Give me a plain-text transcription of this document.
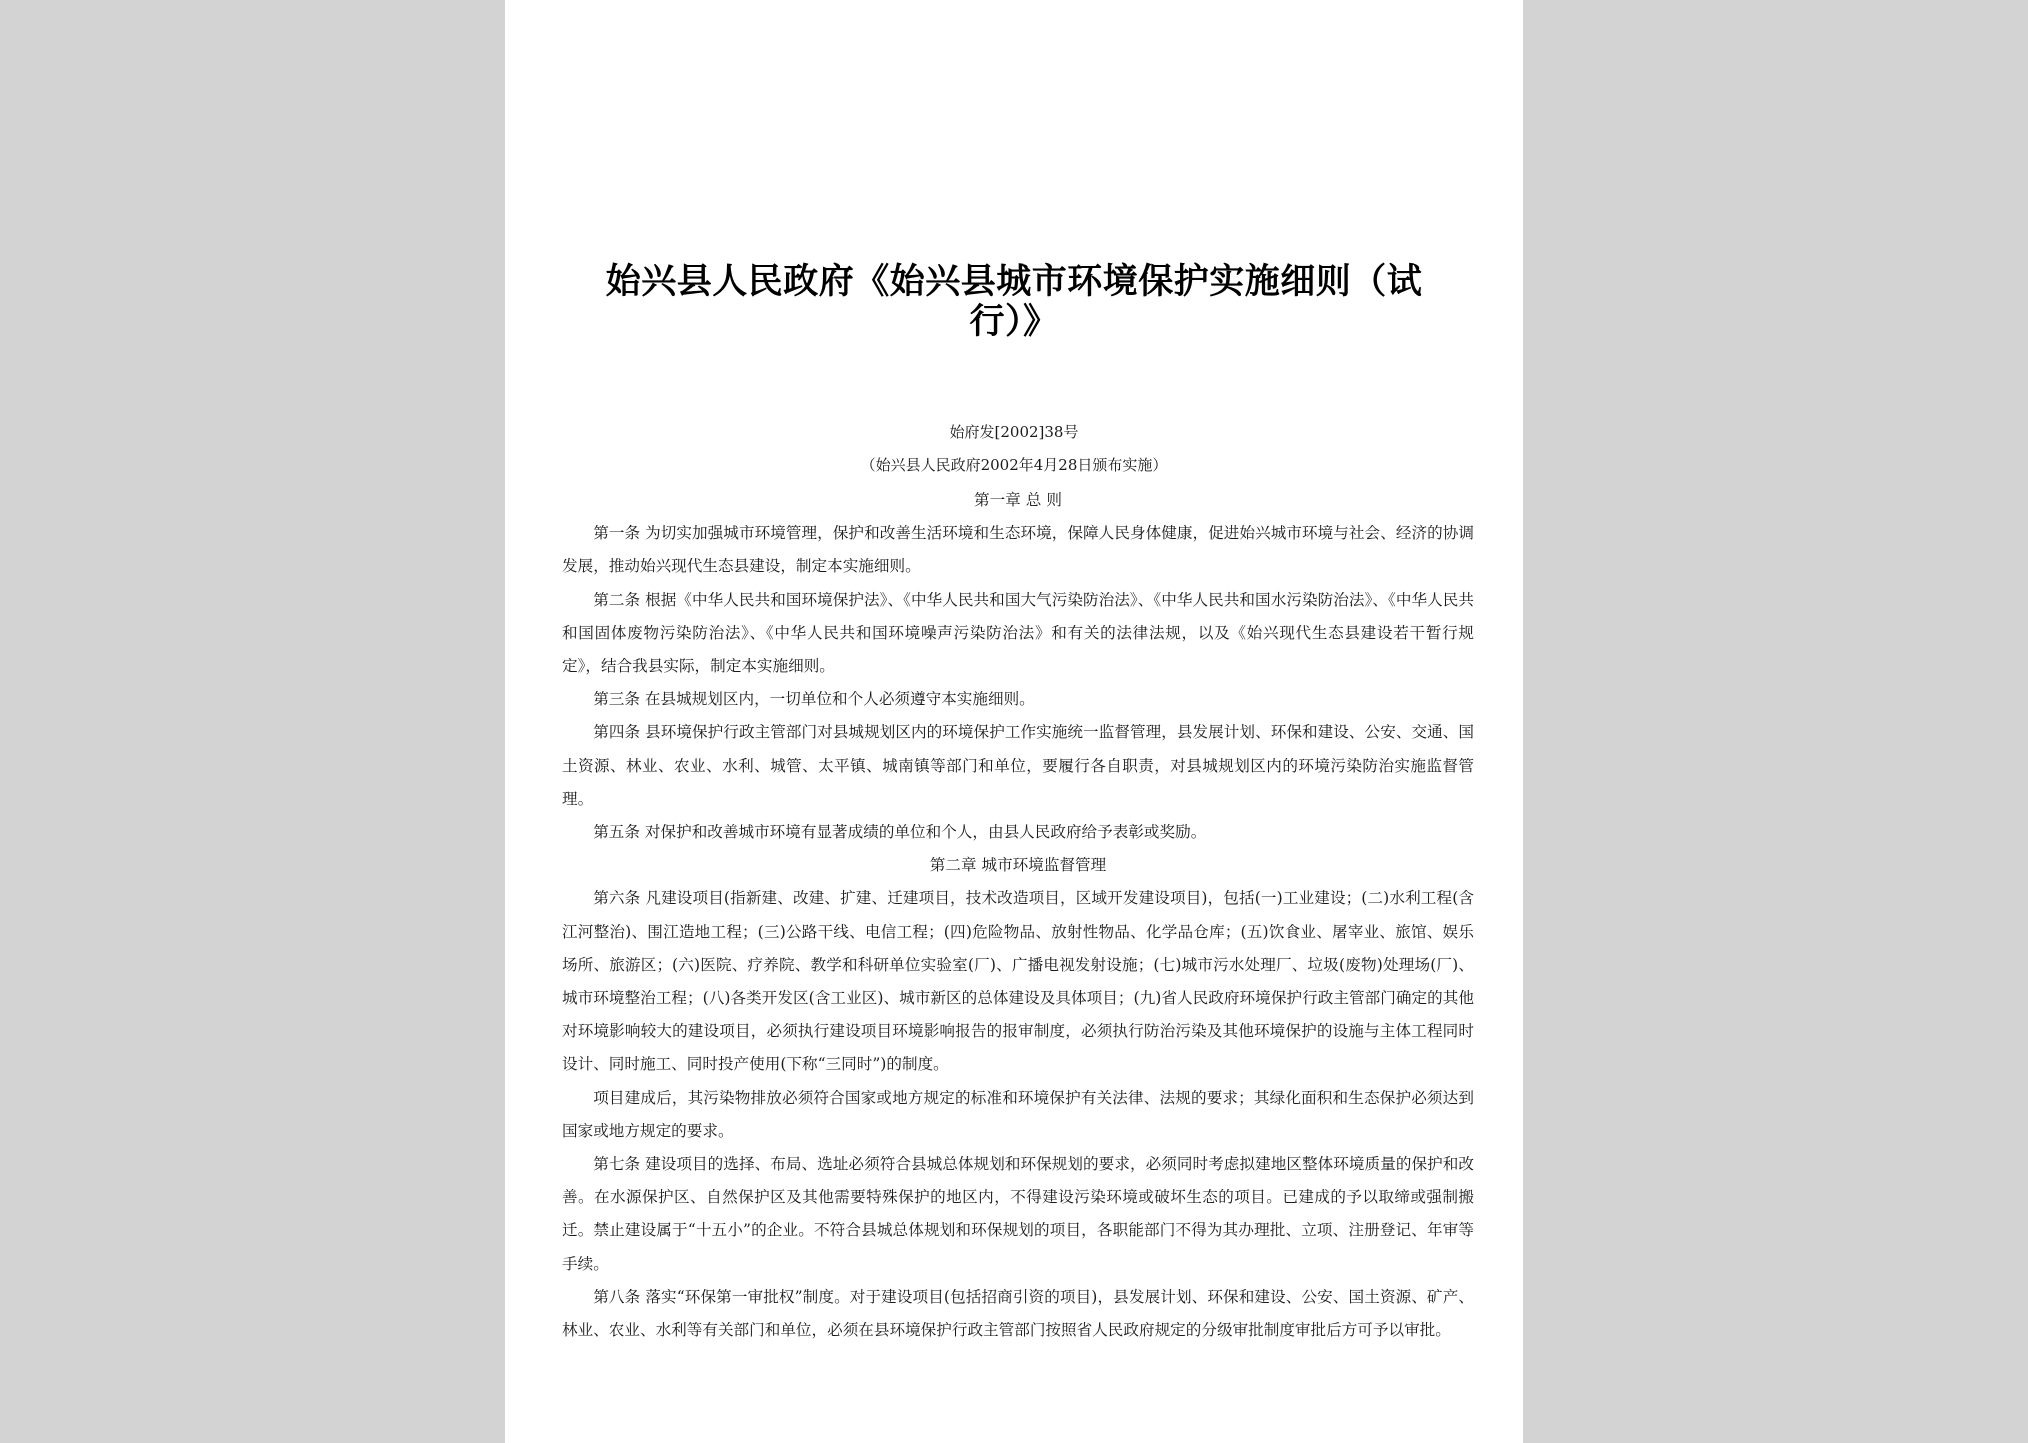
始兴县人民政府《始兴县城市环境保护实施细则（试行）》
始府发[2002]38号
（始兴县人民政府2002年4月28日颁布实施）

第一章 总 则

第一条 为切实加强城市环境管理，保护和改善生活环境和生态环境，保障人民身体健康，促进始兴城市环境与社会、经济的协调发展，推动始兴现代生态县建设，制定本实施细则。

第二条 根据《中华人民共和国环境保护法》、《中华人民共和国大气污染防治法》、《中华人民共和国水污染防治法》、《中华人民共和国固体废物污染防治法》、《中华人民共和国环境噪声污染防治法》和有关的法律法规，以及《始兴现代生态县建设若干暂行规定》，结合我县实际，制定本实施细则。

第三条 在县城规划区内，一切单位和个人必须遵守本实施细则。

第四条 县环境保护行政主管部门对县城规划区内的环境保护工作实施统一监督管理，县发展计划、环保和建设、公安、交通、国土资源、林业、农业、水利、城管、太平镇、城南镇等部门和单位，要履行各自职责，对县城规划区内的环境污染防治实施监督管理。

第五条 对保护和改善城市环境有显著成绩的单位和个人，由县人民政府给予表彰或奖励。

第二章 城市环境监督管理

第六条 凡建设项目(指新建、改建、扩建、迁建项目，技术改造项目，区域开发建设项目)，包括(一)工业建设；(二)水利工程(含江河整治)、围江造地工程；(三)公路干线、电信工程；(四)危险物品、放射性物品、化学品仓库；(五)饮食业、屠宰业、旅馆、娱乐场所、旅游区；(六)医院、疗养院、教学和科研单位实验室(厂)、广播电视发射设施；(七)城市污水处理厂、垃圾(废物)处理场(厂)、城市环境整治工程；(八)各类开发区(含工业区)、城市新区的总体建设及具体项目；(九)省人民政府环境保护行政主管部门确定的其他对环境影响较大的建设项目，必须执行建设项目环境影响报告的报审制度，必须执行防治污染及其他环境保护的设施与主体工程同时设计、同时施工、同时投产使用(下称“三同时”)的制度。

项目建成后，其污染物排放必须符合国家或地方规定的标准和环境保护有关法律、法规的要求；其绿化面积和生态保护必须达到国家或地方规定的要求。

第七条 建设项目的选择、布局、选址必须符合县城总体规划和环保规划的要求，必须同时考虑拟建地区整体环境质量的保护和改善。在水源保护区、自然保护区及其他需要特殊保护的地区内，不得建设污染环境或破坏生态的项目。已建成的予以取缔或强制搬迁。禁止建设属于“十五小”的企业。不符合县城总体规划和环保规划的项目，各职能部门不得为其办理批、立项、注册登记、年审等手续。

第八条 落实“环保第一审批权”制度。对于建设项目(包括招商引资的项目)，县发展计划、环保和建设、公安、国土资源、矿产、林业、农业、水利等有关部门和单位，必须在县环境保护行政主管部门按照省人民政府规定的分级审批制度审批后方可予以审批。
